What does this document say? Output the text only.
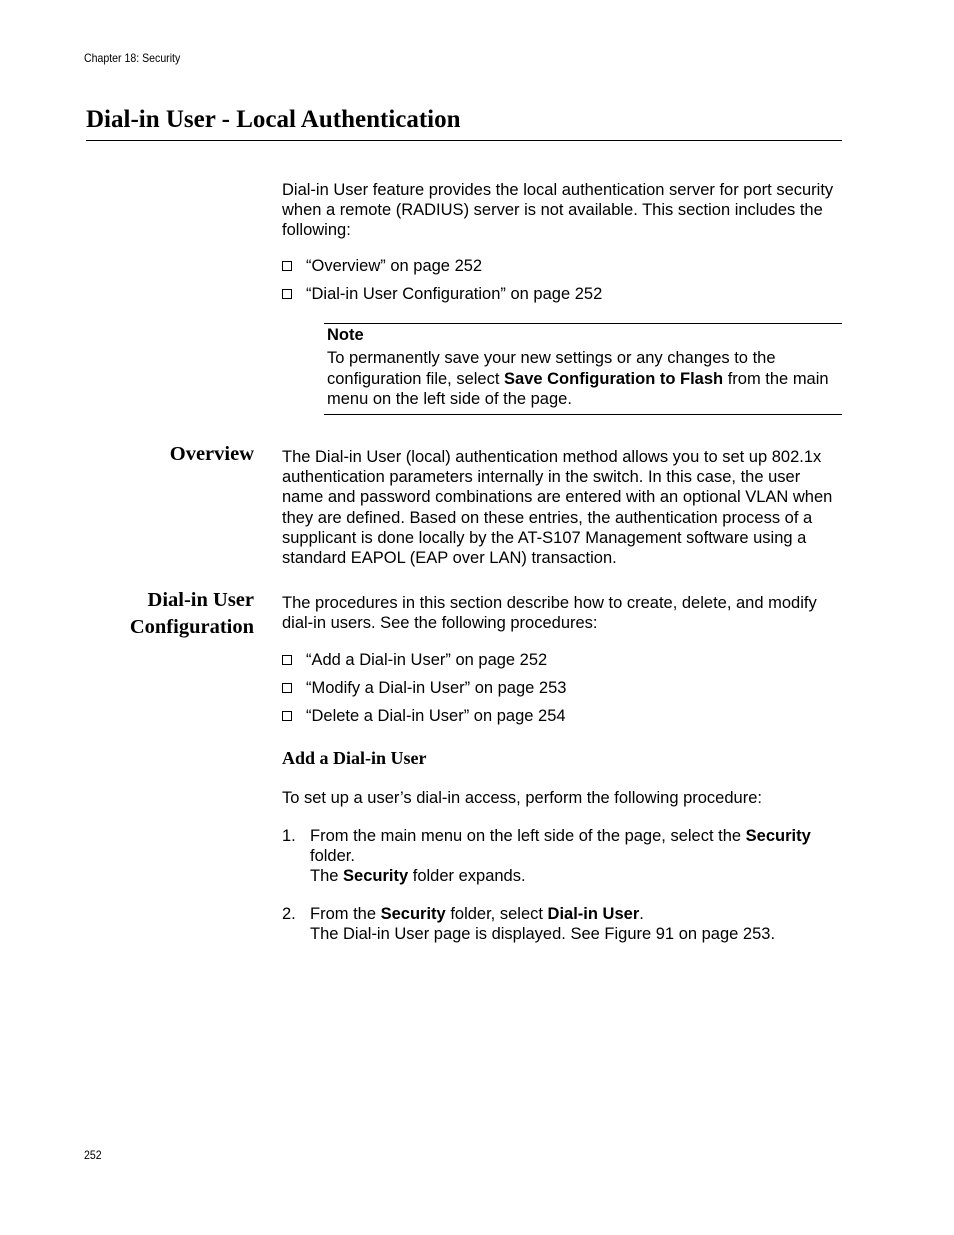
Chapter 18: Security
Dial-in User - Local Authentication
Dial-in User feature provides the local authentication server for port security when a remote (RADIUS) server is not available. This section includes the following:
“Overview” on page 252
“Dial-in User Configuration” on page 252
Note
To permanently save your new settings or any changes to the configuration file, select Save Configuration to Flash from the main menu on the left side of the page.
Overview The Dial-in User (local) authentication method allows you to set up 802.1x authentication parameters internally in the switch. In this case, the user name and password combinations are entered with an optional VLAN when they are defined. Based on these entries, the authentication process of a supplicant is done locally by the AT-S107 Management software using a standard EAPOL (EAP over LAN) transaction.
Dial-in User
Configuration
The procedures in this section describe how to create, delete, and modify dial-in users. See the following procedures:
“Add a Dial-in User” on page 252
“Modify a Dial-in User” on page 253
“Delete a Dial-in User” on page 254
Add a Dial-in User
To set up a user’s dial-in access, perform the following procedure:
1. From the main menu on the left side of the page, select the Security folder.
The Security folder expands.
2. From the Security folder, select Dial-in User.
The Dial-in User page is displayed. See Figure 91 on page 253.
252
